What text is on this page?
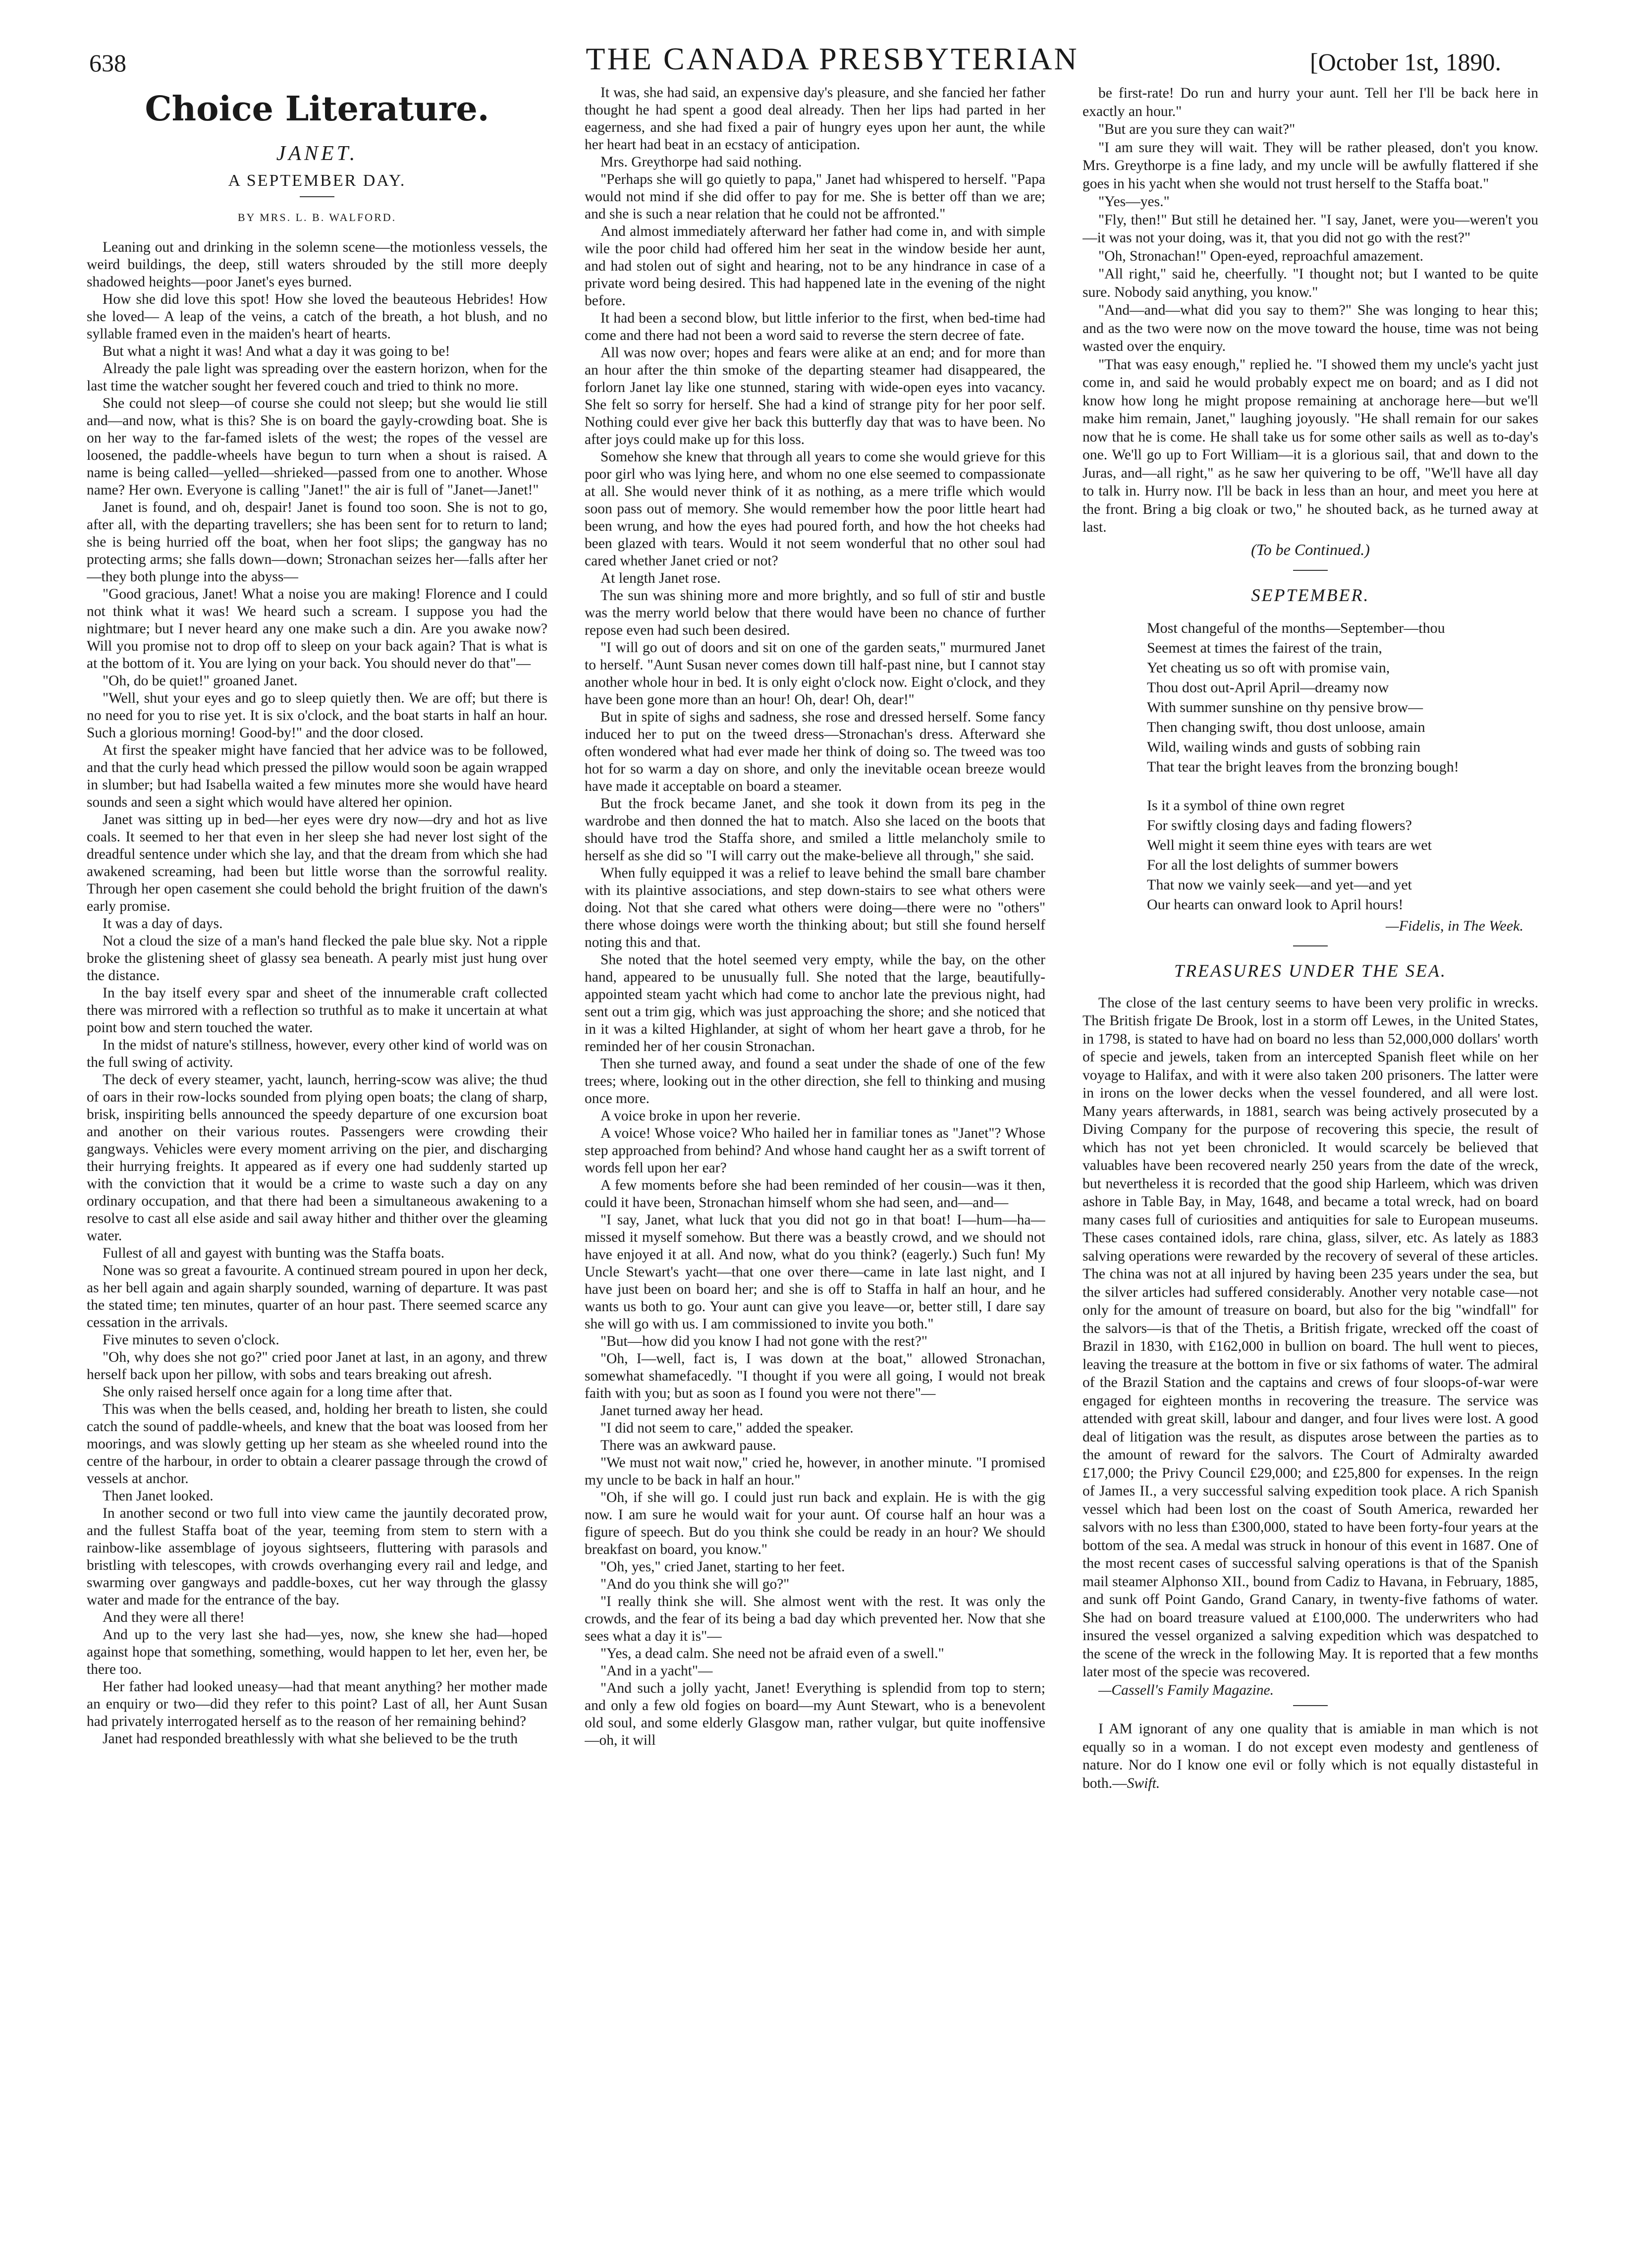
638	THE CANADA PRESBYTERIAN	[October 1st, 1890.
Choice Literature.
JANET.
A SEPTEMBER DAY.
BY MRS. L. B. WALFORD.

Leaning out and drinking in the solemn scene—the motionless vessels, the weird buildings, the deep, still waters shrouded by the still more deeply shadowed heights—poor Janet's eyes burned.

How she did love this spot! How she loved the beauteous Hebrides! How she loved— A leap of the veins, a catch of the breath, a hot blush, and no syllable framed even in the maiden's heart of hearts.

But what a night it was! And what a day it was going to be!

Already the pale light was spreading over the eastern horizon, when for the last time the watcher sought her fevered couch and tried to think no more.

She could not sleep—of course she could not sleep; but she would lie still and—and now, what is this? She is on board the gayly-crowding boat. She is on her way to the far-famed islets of the west; the ropes of the vessel are loosened, the paddle-wheels have begun to turn when a shout is raised. A name is being called—yelled—shrieked—passed from one to another. Whose name? Her own. Everyone is calling "Janet!" the air is full of "Janet—Janet!"

Janet is found, and oh, despair! Janet is found too soon. She is not to go, after all, with the departing travellers; she has been sent for to return to land; she is being hurried off the boat, when her foot slips; the gangway has no protecting arms; she falls down—down; Stronachan seizes her—falls after her—they both plunge into the abyss—

"Good gracious, Janet! What a noise you are making! Florence and I could not think what it was! We heard such a scream. I suppose you had the nightmare; but I never heard any one make such a din. Are you awake now? Will you promise not to drop off to sleep on your back again? That is what is at the bottom of it. You are lying on your back. You should never do that"—

"Oh, do be quiet!" groaned Janet.

"Well, shut your eyes and go to sleep quietly then. We are off; but there is no need for you to rise yet. It is six o'clock, and the boat starts in half an hour. Such a glorious morning! Good-by!" and the door closed.

At first the speaker might have fancied that her advice was to be followed, and that the curly head which pressed the pillow would soon be again wrapped in slumber; but had Isabella waited a few minutes more she would have heard sounds and seen a sight which would have altered her opinion.

Janet was sitting up in bed—her eyes were dry now—dry and hot as live coals. It seemed to her that even in her sleep she had never lost sight of the dreadful sentence under which she lay, and that the dream from which she had awakened screaming, had been but little worse than the sorrowful reality. Through her open casement she could behold the bright fruition of the dawn's early promise.

It was a day of days.

Not a cloud the size of a man's hand flecked the pale blue sky. Not a ripple broke the glistening sheet of glassy sea beneath. A pearly mist just hung over the distance.

In the bay itself every spar and sheet of the innumerable craft collected there was mirrored with a reflection so truthful as to make it uncertain at what point bow and stern touched the water.

In the midst of nature's stillness, however, every other kind of world was on the full swing of activity.

The deck of every steamer, yacht, launch, herring-scow was alive; the thud of oars in their row-locks sounded from plying open boats; the clang of sharp, brisk, inspiriting bells announced the speedy departure of one excursion boat and another on their various routes. Passengers were crowding their gangways. Vehicles were every moment arriving on the pier, and discharging their hurrying freights. It appeared as if every one had suddenly started up with the conviction that it would be a crime to waste such a day on any ordinary occupation, and that there had been a simultaneous awakening to a resolve to cast all else aside and sail away hither and thither over the gleaming water.

Fullest of all and gayest with bunting was the Staffa boats.

None was so great a favourite. A continued stream poured in upon her deck, as her bell again and again sharply sounded, warning of departure. It was past the stated time; ten minutes, quarter of an hour past. There seemed scarce any cessation in the arrivals.

Five minutes to seven o'clock.

"Oh, why does she not go?" cried poor Janet at last, in an agony, and threw herself back upon her pillow, with sobs and tears breaking out afresh.

She only raised herself once again for a long time after that.

This was when the bells ceased, and, holding her breath to listen, she could catch the sound of paddle-wheels, and knew that the boat was loosed from her moorings, and was slowly getting up her steam as she wheeled round into the centre of the harbour, in order to obtain a clearer passage through the crowd of vessels at anchor.

Then Janet looked.

In another second or two full into view came the jauntily decorated prow, and the fullest Staffa boat of the year, teeming from stem to stern with a rainbow-like assemblage of joyous sightseers, fluttering with parasols and bristling with telescopes, with crowds overhanging every rail and ledge, and swarming over gangways and paddle-boxes, cut her way through the glassy water and made for the entrance of the bay.

And they were all there!

And up to the very last she had—yes, now, she knew she had—hoped against hope that something, something, would happen to let her, even her, be there too.

Her father had looked uneasy—had that meant anything? her mother made an enquiry or two—did they refer to this point? Last of all, her Aunt Susan had privately interrogated herself as to the reason of her remaining behind?

Janet had responded breathlessly with what she believed to be the truth

It was, she had said, an expensive day's pleasure, and she fancied her father thought he had spent a good deal already. Then her lips had parted in her eagerness, and she had fixed a pair of hungry eyes upon her aunt, the while her heart had beat in an ecstacy of anticipation.

Mrs. Greythorpe had said nothing.

"Perhaps she will go quietly to papa," Janet had whispered to herself. "Papa would not mind if she did offer to pay for me. She is better off than we are; and she is such a near relation that he could not be affronted."

And almost immediately afterward her father had come in, and with simple wile the poor child had offered him her seat in the window beside her aunt, and had stolen out of sight and hearing, not to be any hindrance in case of a private word being desired. This had happened late in the evening of the night before.

It had been a second blow, but little inferior to the first, when bed-time had come and there had not been a word said to reverse the stern decree of fate.

All was now over; hopes and fears were alike at an end; and for more than an hour after the thin smoke of the departing steamer had disappeared, the forlorn Janet lay like one stunned, staring with wide-open eyes into vacancy. She felt so sorry for herself. She had a kind of strange pity for her poor self. Nothing could ever give her back this butterfly day that was to have been. No after joys could make up for this loss.

Somehow she knew that through all years to come she would grieve for this poor girl who was lying here, and whom no one else seemed to compassionate at all. She would never think of it as nothing, as a mere trifle which would soon pass out of memory. She would remember how the poor little heart had been wrung, and how the eyes had poured forth, and how the hot cheeks had been glazed with tears. Would it not seem wonderful that no other soul had cared whether Janet cried or not?

At length Janet rose.

The sun was shining more and more brightly, and so full of stir and bustle was the merry world below that there would have been no chance of further repose even had such been desired.

"I will go out of doors and sit on one of the garden seats," murmured Janet to herself. "Aunt Susan never comes down till half-past nine, but I cannot stay another whole hour in bed. It is only eight o'clock now. Eight o'clock, and they have been gone more than an hour! Oh, dear! Oh, dear!"

But in spite of sighs and sadness, she rose and dressed herself. Some fancy induced her to put on the tweed dress—Stronachan's dress. Afterward she often wondered what had ever made her think of doing so. The tweed was too hot for so warm a day on shore, and only the inevitable ocean breeze would have made it acceptable on board a steamer.

But the frock became Janet, and she took it down from its peg in the wardrobe and then donned the hat to match. Also she laced on the boots that should have trod the Staffa shore, and smiled a little melancholy smile to herself as she did so "I will carry out the make-believe all through," she said.

When fully equipped it was a relief to leave behind the small bare chamber with its plaintive associations, and step down-stairs to see what others were doing. Not that she cared what others were doing—there were no "others" there whose doings were worth the thinking about; but still she found herself noting this and that.

She noted that the hotel seemed very empty, while the bay, on the other hand, appeared to be unusually full. She noted that the large, beautifully-appointed steam yacht which had come to anchor late the previous night, had sent out a trim gig, which was just approaching the shore; and she noticed that in it was a kilted Highlander, at sight of whom her heart gave a throb, for he reminded her of her cousin Stronachan.

Then she turned away, and found a seat under the shade of one of the few trees; where, looking out in the other direction, she fell to thinking and musing once more.

A voice broke in upon her reverie.

A voice! Whose voice? Who hailed her in familiar tones as "Janet"? Whose step approached from behind? And whose hand caught her as a swift torrent of words fell upon her ear?

A few moments before she had been reminded of her cousin—was it then, could it have been, Stronachan himself whom she had seen, and—and—

"I say, Janet, what luck that you did not go in that boat! I—hum—ha—missed it myself somehow. But there was a beastly crowd, and we should not have enjoyed it at all. And now, what do you think? (eagerly.) Such fun! My Uncle Stewart's yacht—that one over there—came in late last night, and I have just been on board her; and she is off to Staffa in half an hour, and he wants us both to go. Your aunt can give you leave—or, better still, I dare say she will go with us. I am commissioned to invite you both."

"But—how did you know I had not gone with the rest?"

"Oh, I—well, fact is, I was down at the boat," allowed Stronachan, somewhat shamefacedly. "I thought if you were all going, I would not break faith with you; but as soon as I found you were not there"—

Janet turned away her head.

"I did not seem to care," added the speaker.

There was an awkward pause.

"We must not wait now," cried he, however, in another minute. "I promised my uncle to be back in half an hour."

"Oh, if she will go. I could just run back and explain. He is with the gig now. I am sure he would wait for your aunt. Of course half an hour was a figure of speech. But do you think she could be ready in an hour? We should breakfast on board, you know."

"Oh, yes," cried Janet, starting to her feet.

"And do you think she will go?"

"I really think she will. She almost went with the rest. It was only the crowds, and the fear of its being a bad day which prevented her. Now that she sees what a day it is"—

"Yes, a dead calm. She need not be afraid even of a swell."

"And in a yacht"—

"And such a jolly yacht, Janet! Everything is splendid from top to stern; and only a few old fogies on board—my Aunt Stewart, who is a benevolent old soul, and some elderly Glasgow man, rather vulgar, but quite inoffensive—oh, it will

be first-rate! Do run and hurry your aunt. Tell her I'll be back here in exactly an hour."

"But are you sure they can wait?"

"I am sure they will wait. They will be rather pleased, don't you know. Mrs. Greythorpe is a fine lady, and my uncle will be awfully flattered if she goes in his yacht when she would not trust herself to the Staffa boat."

"Yes—yes."

"Fly, then!" But still he detained her. "I say, Janet, were you—weren't you—it was not your doing, was it, that you did not go with the rest?"

"Oh, Stronachan!" Open-eyed, reproachful amazement.

"All right," said he, cheerfully. "I thought not; but I wanted to be quite sure. Nobody said anything, you know."

"And—and—what did you say to them?" She was longing to hear this; and as the two were now on the move toward the house, time was not being wasted over the enquiry.

"That was easy enough," replied he. "I showed them my uncle's yacht just come in, and said he would probably expect me on board; and as I did not know how long he might propose remaining at anchorage here—but we'll make him remain, Janet," laughing joyously. "He shall remain for our sakes now that he is come. He shall take us for some other sails as well as to-day's one. We'll go up to Fort William—it is a glorious sail, that and down to the Juras, and—all right," as he saw her quivering to be off, "We'll have all day to talk in. Hurry now. I'll be back in less than an hour, and meet you here at the front. Bring a big cloak or two," he shouted back, as he turned away at last.

(To be Continued.)
SEPTEMBER.
Most changeful of the months—September—thou
Seemest at times the fairest of the train,
Yet cheating us so oft with promise vain,
Thou dost out-April April—dreamy now
With summer sunshine on thy pensive brow—
Then changing swift, thou dost unloose, amain
Wild, wailing winds and gusts of sobbing rain
That tear the bright leaves from the bronzing bough!
Is it a symbol of thine own regret
For swiftly closing days and fading flowers?
Well might it seem thine eyes with tears are wet
For all the lost delights of summer bowers
That now we vainly seek—and yet—and yet
Our hearts can onward look to April hours!
—Fidelis, in The Week.
TREASURES UNDER THE SEA.

The close of the last century seems to have been very prolific in wrecks. The British frigate De Brook, lost in a storm off Lewes, in the United States, in 1798, is stated to have had on board no less than 52,000,000 dollars' worth of specie and jewels, taken from an intercepted Spanish fleet while on her voyage to Halifax, and with it were also taken 200 prisoners. The latter were in irons on the lower decks when the vessel foundered, and all were lost. Many years afterwards, in 1881, search was being actively prosecuted by a Diving Company for the purpose of recovering this specie, the result of which has not yet been chronicled. It would scarcely be believed that valuables have been recovered nearly 250 years from the date of the wreck, but nevertheless it is recorded that the good ship Harleem, which was driven ashore in Table Bay, in May, 1648, and became a total wreck, had on board many cases full of curiosities and antiquities for sale to European museums. These cases contained idols, rare china, glass, silver, etc. As lately as 1883 salving operations were rewarded by the recovery of several of these articles. The china was not at all injured by having been 235 years under the sea, but the silver articles had suffered considerably. Another very notable case—not only for the amount of treasure on board, but also for the big "windfall" for the salvors—is that of the Thetis, a British frigate, wrecked off the coast of Brazil in 1830, with £162,000 in bullion on board. The hull went to pieces, leaving the treasure at the bottom in five or six fathoms of water. The admiral of the Brazil Station and the captains and crews of four sloops-of-war were engaged for eighteen months in recovering the treasure. The service was attended with great skill, labour and danger, and four lives were lost. A good deal of litigation was the result, as disputes arose between the parties as to the amount of reward for the salvors. The Court of Admiralty awarded £17,000; the Privy Council £29,000; and £25,800 for expenses. In the reign of James II., a very successful salving expedition took place. A rich Spanish vessel which had been lost on the coast of South America, rewarded her salvors with no less than £300,000, stated to have been forty-four years at the bottom of the sea. A medal was struck in honour of this event in 1687. One of the most recent cases of successful salving operations is that of the Spanish mail steamer Alphonso XII., bound from Cadiz to Havana, in February, 1885, and sunk off Point Gando, Grand Canary, in twenty-five fathoms of water. She had on board treasure valued at £100,000. The underwriters who had insured the vessel organized a salving expedition which was despatched to the scene of the wreck in the following May. It is reported that a few months later most of the specie was recovered.

—Cassell's Family Magazine.

I AM ignorant of any one quality that is amiable in man which is not equally so in a woman. I do not except even modesty and gentleness of nature. Nor do I know one evil or folly which is not equally distasteful in both.—Swift.
